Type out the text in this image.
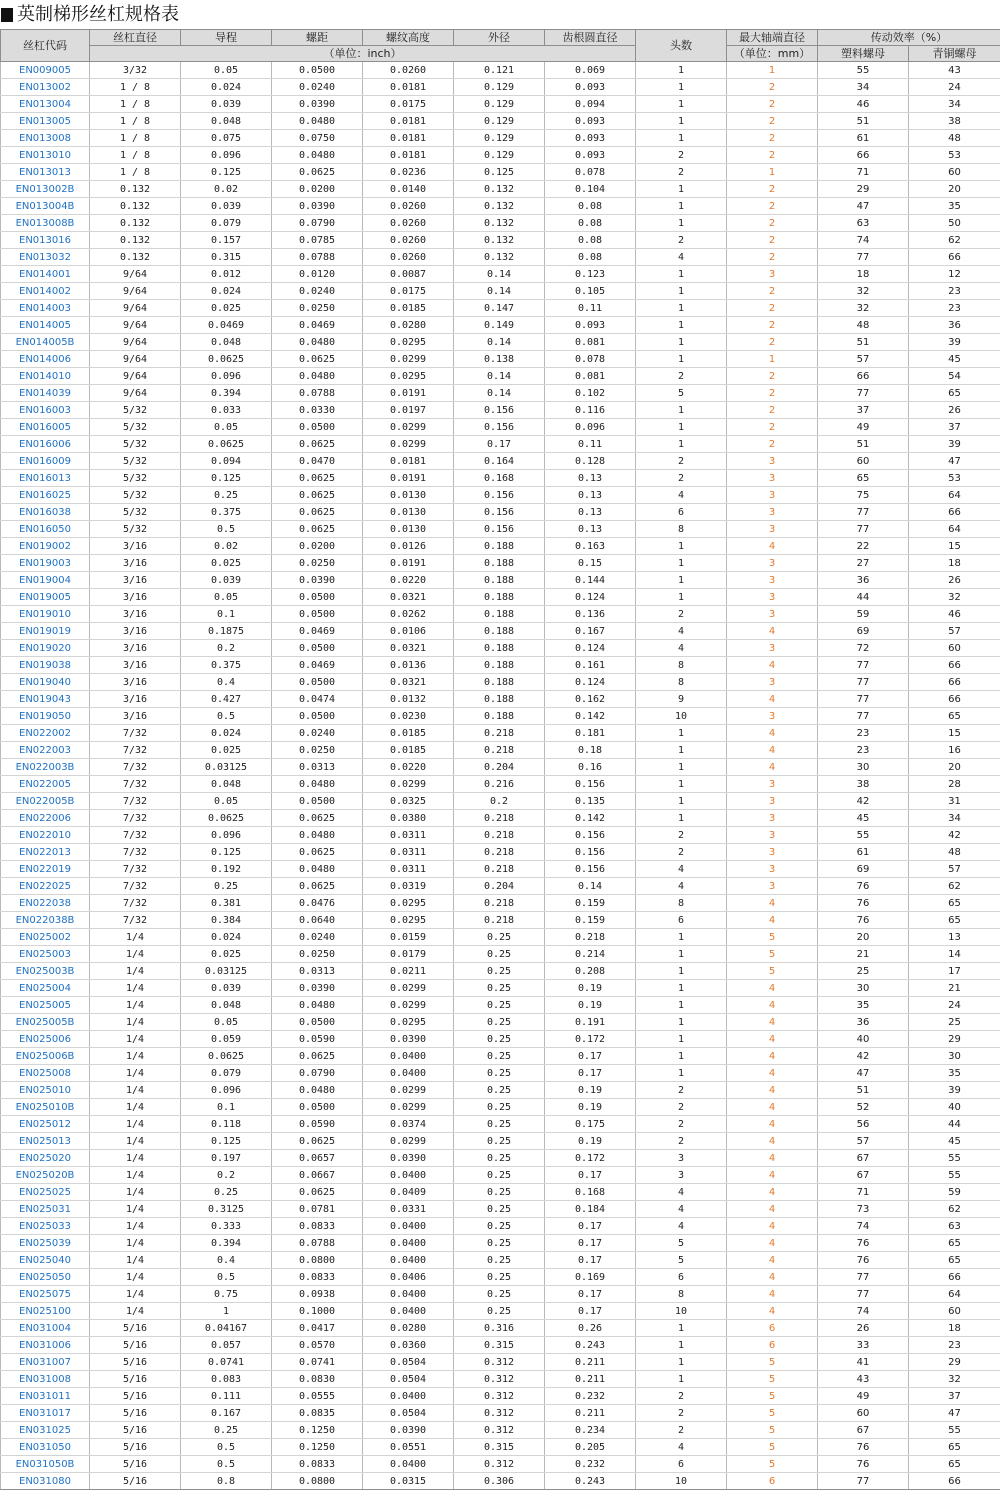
英制梯形丝杠规格表
丝杠代码	丝杠直径	导程	螺距	螺纹高度	外径	齿根圆直径	头数	最大轴端直径	传动效率（%）	
	（单位：inch）							（单位：mm）	塑料螺母	青铜螺母
EN009005	3/32	0.05	0.0500	0.0260	0.121	0.069	1	1	55	43
EN013002	1 / 8	0.024	0.0240	0.0181	0.129	0.093	1	2	34	24
EN013004	1 / 8	0.039	0.0390	0.0175	0.129	0.094	1	2	46	34
EN013005	1 / 8	0.048	0.0480	0.0181	0.129	0.093	1	2	51	38
EN013008	1 / 8	0.075	0.0750	0.0181	0.129	0.093	1	2	61	48
EN013010	1 / 8	0.096	0.0480	0.0181	0.129	0.093	2	2	66	53
EN013013	1 / 8	0.125	0.0625	0.0236	0.125	0.078	2	1	71	60
EN013002B	0.132	0.02	0.0200	0.0140	0.132	0.104	1	2	29	20
EN013004B	0.132	0.039	0.0390	0.0260	0.132	0.08	1	2	47	35
EN013008B	0.132	0.079	0.0790	0.0260	0.132	0.08	1	2	63	50
EN013016	0.132	0.157	0.0785	0.0260	0.132	0.08	2	2	74	62
EN013032	0.132	0.315	0.0788	0.0260	0.132	0.08	4	2	77	66
EN014001	9/64	0.012	0.0120	0.0087	0.14	0.123	1	3	18	12
EN014002	9/64	0.024	0.0240	0.0175	0.14	0.105	1	2	32	23
EN014003	9/64	0.025	0.0250	0.0185	0.147	0.11	1	2	32	23
EN014005	9/64	0.0469	0.0469	0.0280	0.149	0.093	1	2	48	36
EN014005B	9/64	0.048	0.0480	0.0295	0.14	0.081	1	2	51	39
EN014006	9/64	0.0625	0.0625	0.0299	0.138	0.078	1	1	57	45
EN014010	9/64	0.096	0.0480	0.0295	0.14	0.081	2	2	66	54
EN014039	9/64	0.394	0.0788	0.0191	0.14	0.102	5	2	77	65
EN016003	5/32	0.033	0.0330	0.0197	0.156	0.116	1	2	37	26
EN016005	5/32	0.05	0.0500	0.0299	0.156	0.096	1	2	49	37
EN016006	5/32	0.0625	0.0625	0.0299	0.17	0.11	1	2	51	39
EN016009	5/32	0.094	0.0470	0.0181	0.164	0.128	2	3	60	47
EN016013	5/32	0.125	0.0625	0.0191	0.168	0.13	2	3	65	53
EN016025	5/32	0.25	0.0625	0.0130	0.156	0.13	4	3	75	64
EN016038	5/32	0.375	0.0625	0.0130	0.156	0.13	6	3	77	66
EN016050	5/32	0.5	0.0625	0.0130	0.156	0.13	8	3	77	64
EN019002	3/16	0.02	0.0200	0.0126	0.188	0.163	1	4	22	15
EN019003	3/16	0.025	0.0250	0.0191	0.188	0.15	1	3	27	18
EN019004	3/16	0.039	0.0390	0.0220	0.188	0.144	1	3	36	26
EN019005	3/16	0.05	0.0500	0.0321	0.188	0.124	1	3	44	32
EN019010	3/16	0.1	0.0500	0.0262	0.188	0.136	2	3	59	46
EN019019	3/16	0.1875	0.0469	0.0106	0.188	0.167	4	4	69	57
EN019020	3/16	0.2	0.0500	0.0321	0.188	0.124	4	3	72	60
EN019038	3/16	0.375	0.0469	0.0136	0.188	0.161	8	4	77	66
EN019040	3/16	0.4	0.0500	0.0321	0.188	0.124	8	3	77	66
EN019043	3/16	0.427	0.0474	0.0132	0.188	0.162	9	4	77	66
EN019050	3/16	0.5	0.0500	0.0230	0.188	0.142	10	3	77	65
EN022002	7/32	0.024	0.0240	0.0185	0.218	0.181	1	4	23	15
EN022003	7/32	0.025	0.0250	0.0185	0.218	0.18	1	4	23	16
EN022003B	7/32	0.03125	0.0313	0.0220	0.204	0.16	1	4	30	20
EN022005	7/32	0.048	0.0480	0.0299	0.216	0.156	1	3	38	28
EN022005B	7/32	0.05	0.0500	0.0325	0.2	0.135	1	3	42	31
EN022006	7/32	0.0625	0.0625	0.0380	0.218	0.142	1	3	45	34
EN022010	7/32	0.096	0.0480	0.0311	0.218	0.156	2	3	55	42
EN022013	7/32	0.125	0.0625	0.0311	0.218	0.156	2	3	61	48
EN022019	7/32	0.192	0.0480	0.0311	0.218	0.156	4	3	69	57
EN022025	7/32	0.25	0.0625	0.0319	0.204	0.14	4	3	76	62
EN022038	7/32	0.381	0.0476	0.0295	0.218	0.159	8	4	76	65
EN022038B	7/32	0.384	0.0640	0.0295	0.218	0.159	6	4	76	65
EN025002	1/4	0.024	0.0240	0.0159	0.25	0.218	1	5	20	13
EN025003	1/4	0.025	0.0250	0.0179	0.25	0.214	1	5	21	14
EN025003B	1/4	0.03125	0.0313	0.0211	0.25	0.208	1	5	25	17
EN025004	1/4	0.039	0.0390	0.0299	0.25	0.19	1	4	30	21
EN025005	1/4	0.048	0.0480	0.0299	0.25	0.19	1	4	35	24
EN025005B	1/4	0.05	0.0500	0.0295	0.25	0.191	1	4	36	25
EN025006	1/4	0.059	0.0590	0.0390	0.25	0.172	1	4	40	29
EN025006B	1/4	0.0625	0.0625	0.0400	0.25	0.17	1	4	42	30
EN025008	1/4	0.079	0.0790	0.0400	0.25	0.17	1	4	47	35
EN025010	1/4	0.096	0.0480	0.0299	0.25	0.19	2	4	51	39
EN025010B	1/4	0.1	0.0500	0.0299	0.25	0.19	2	4	52	40
EN025012	1/4	0.118	0.0590	0.0374	0.25	0.175	2	4	56	44
EN025013	1/4	0.125	0.0625	0.0299	0.25	0.19	2	4	57	45
EN025020	1/4	0.197	0.0657	0.0390	0.25	0.172	3	4	67	55
EN025020B	1/4	0.2	0.0667	0.0400	0.25	0.17	3	4	67	55
EN025025	1/4	0.25	0.0625	0.0409	0.25	0.168	4	4	71	59
EN025031	1/4	0.3125	0.0781	0.0331	0.25	0.184	4	4	73	62
EN025033	1/4	0.333	0.0833	0.0400	0.25	0.17	4	4	74	63
EN025039	1/4	0.394	0.0788	0.0400	0.25	0.17	5	4	76	65
EN025040	1/4	0.4	0.0800	0.0400	0.25	0.17	5	4	76	65
EN025050	1/4	0.5	0.0833	0.0406	0.25	0.169	6	4	77	66
EN025075	1/4	0.75	0.0938	0.0400	0.25	0.17	8	4	77	64
EN025100	1/4	1	0.1000	0.0400	0.25	0.17	10	4	74	60
EN031004	5/16	0.04167	0.0417	0.0280	0.316	0.26	1	6	26	18
EN031006	5/16	0.057	0.0570	0.0360	0.315	0.243	1	6	33	23
EN031007	5/16	0.0741	0.0741	0.0504	0.312	0.211	1	5	41	29
EN031008	5/16	0.083	0.0830	0.0504	0.312	0.211	1	5	43	32
EN031011	5/16	0.111	0.0555	0.0400	0.312	0.232	2	5	49	37
EN031017	5/16	0.167	0.0835	0.0504	0.312	0.211	2	5	60	47
EN031025	5/16	0.25	0.1250	0.0390	0.312	0.234	2	5	67	55
EN031050	5/16	0.5	0.1250	0.0551	0.315	0.205	4	5	76	65
EN031050B	5/16	0.5	0.0833	0.0400	0.312	0.232	6	5	76	65
EN031080	5/16	0.8	0.0800	0.0315	0.306	0.243	10	6	77	66
